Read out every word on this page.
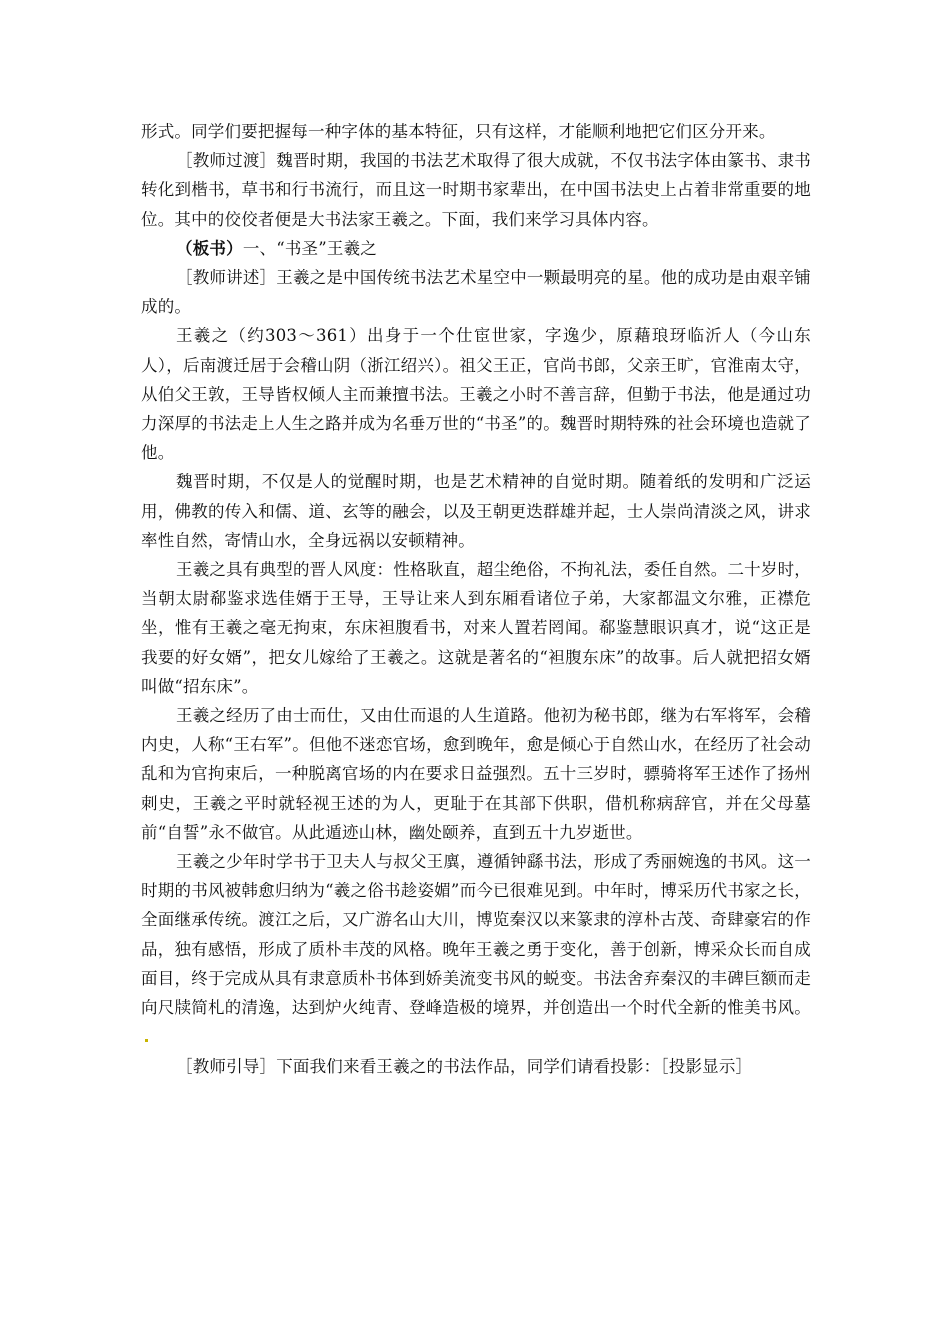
形式。同学们要把握每一种字体的基本特征，只有这样，才能顺利地把它们区分开来。

［教师过渡］魏晋时期，我国的书法艺术取得了很大成就，不仅书法字体由篆书、隶书转化到楷书，草书和行书流行，而且这一时期书家辈出，在中国书法史上占着非常重要的地位。其中的佼佼者便是大书法家王羲之。下面，我们来学习具体内容。

（板书）一、“书圣”王羲之

［教师讲述］王羲之是中国传统书法艺术星空中一颗最明亮的星。他的成功是由艰辛铺成的。

王羲之（约303～361）出身于一个仕宦世家，字逸少，原藉琅玡临沂人（今山东人），后南渡迁居于会稽山阴（浙江绍兴）。祖父王正，官尚书郎，父亲王旷，官淮南太守，从伯父王敦，王导皆权倾人主而兼擅书法。王羲之小时不善言辞，但勤于书法，他是通过功力深厚的书法走上人生之路并成为名垂万世的“书圣”的。魏晋时期特殊的社会环境也造就了他。

魏晋时期，不仅是人的觉醒时期，也是艺术精神的自觉时期。随着纸的发明和广泛运用，佛教的传入和儒、道、玄等的融会，以及王朝更迭群雄并起，士人崇尚清淡之风，讲求率性自然，寄情山水，全身远祸以安顿精神。

王羲之具有典型的晋人风度：性格耿直，超尘绝俗，不拘礼法，委任自然。二十岁时，当朝太尉郗鉴求选佳婿于王导，王导让来人到东厢看诸位子弟，大家都温文尔雅，正襟危坐，惟有王羲之毫无拘束，东床袒腹看书，对来人置若罔闻。郗鉴慧眼识真才，说“这正是我要的好女婿”，把女儿嫁给了王羲之。这就是著名的“袒腹东床”的故事。后人就把招女婿叫做“招东床”。

王羲之经历了由士而仕，又由仕而退的人生道路。他初为秘书郎，继为右军将军，会稽内史，人称“王右军”。但他不迷恋官场，愈到晚年，愈是倾心于自然山水，在经历了社会动乱和为官拘束后，一种脱离官场的内在要求日益强烈。五十三岁时，骠骑将军王述作了扬州刺史，王羲之平时就轻视王述的为人，更耻于在其部下供职，借机称病辞官，并在父母墓前“自誓”永不做官。从此遁迹山林，幽处颐养，直到五十九岁逝世。

王羲之少年时学书于卫夫人与叔父王廙，遵循钟繇书法，形成了秀丽婉逸的书风。这一时期的书风被韩愈归纳为“羲之俗书趁姿媚”而今已很难见到。中年时，博采历代书家之长，全面继承传统。渡江之后，又广游名山大川，博览秦汉以来篆隶的淳朴古茂、奇肆豪宕的作品，独有感悟，形成了质朴丰茂的风格。晚年王羲之勇于变化，善于创新，博采众长而自成面目，终于完成从具有隶意质朴书体到娇美流变书风的蜕变。书法舍弃秦汉的丰碑巨额而走向尺牍简札的清逸，达到炉火纯青、登峰造极的境界，并创造出一个时代全新的惟美书风。

［教师引导］下面我们来看王羲之的书法作品，同学们请看投影：［投影显示］
